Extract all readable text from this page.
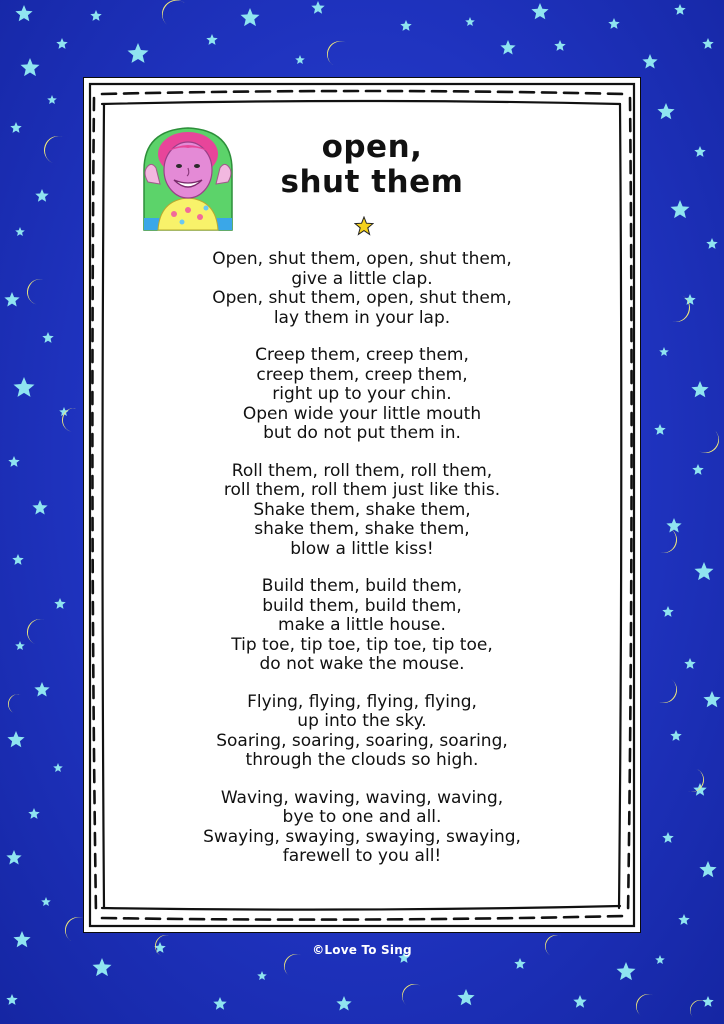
open,
shut them
Open, shut them, open, shut them,
give a little clap.
Open, shut them, open, shut them,
lay them in your lap.
Creep them, creep them,
creep them, creep them,
right up to your chin.
Open wide your little mouth
but do not put them in.
Roll them, roll them, roll them,
roll them, roll them just like this.
Shake them, shake them,
shake them, shake them,
blow a little kiss!
Build them, build them,
build them, build them,
make a little house.
Tip toe, tip toe, tip toe, tip toe,
do not wake the mouse.
Flying, flying, flying, flying,
up into the sky.
Soaring, soaring, soaring, soaring,
through the clouds so high.
Waving, waving, waving, waving,
bye to one and all.
Swaying, swaying, swaying, swaying,
farewell to you all!
©Love To Sing
